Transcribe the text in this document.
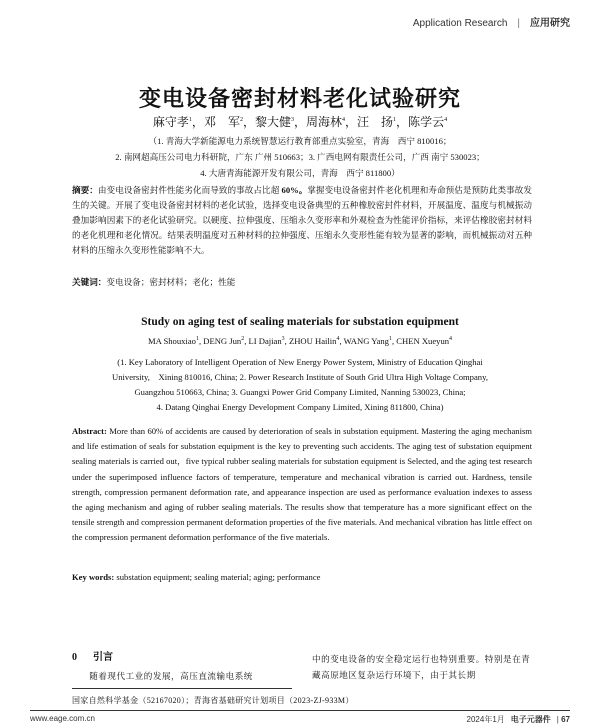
Application Research | 应用研究
变电设备密封材料老化试验研究
麻守孝$^1$，邓　军$^2$，黎大健$^3$，周海林$^4$，汪　扬$^1$，陈学云$^4$
（1. 青海大学新能源电力系统智慧运行教育部重点实验室，青海　西宁 810016；
2. 南网超高压公司电力科研院，广东 广州 510663；3. 广西电网有限责任公司，广西 南宁 530023；
4. 大唐青海能源开发有限公司，青海　西宁 811800）
摘要：由变电设备密封件性能劣化而导致的事故占比超 60%。掌握变电设备密封件老化机理和寿命预估是预防此类事故发生的关键。开展了变电设备密封材料的老化试验，选择变电设备典型的五种橡胶密封件材料，开展温度、温度与机械振动叠加影响因素下的老化试验研究。以硬度、拉伸强度、压缩永久变形率和外观检查为性能评价指标，来评估橡胶密封材料的老化机理和老化情况。结果表明温度对五种材料的拉伸强度、压缩永久变形性能有较为显著的影响，而机械振动对五种材料的压缩永久变形性能影响不大。
关键词：变电设备；密封材料；老化；性能
Study on aging test of sealing materials for substation equipment
MA Shouxiao$^1$, DENG Jun$^2$, LI Dajian$^3$, ZHOU Hailin$^4$, WANG Yang$^1$, CHEN Xueyun$^4$
(1. Key Laboratory of Intelligent Operation of New Energy Power System, Ministry of Education Qinghai
University,　Xining 810016, China; 2. Power Research Institute of South Grid Ultra High Voltage Company,
Guangzhou 510663, China; 3. Guangxi Power Grid Company Limited, Nanning 530023, China;
4. Datang Qinghai Energy Development Company Limited, Xining 811800, China)
Abstract: More than 60% of accidents are caused by deterioration of seals in substation equipment. Mastering the aging mechanism and life estimation of seals for substation equipment is the key to preventing such accidents. The aging test of substation equipment sealing materials is carried out，five typical rubber sealing materials for substation equipment is Selected, and the aging test research under the superimposed influence factors of temperature, temperature and mechanical vibration is carried out. Hardness, tensile strength, compression permanent deformation rate, and appearance inspection are used as performance evaluation indexes to assess the aging mechanism and aging of rubber sealing materials. The results show that temperature has a more significant effect on the tensile strength and compression permanent deformation properties of the five materials. And mechanical vibration has little effect on the compression permanent deformation performance of the five materials.
Key words: substation equipment; sealing material; aging; performance
0 引言
随着现代工业的发展，高压直流输电系统
中的变电设备的安全稳定运行也特别重要。特别是在青藏高原地区复杂运行环境下，由于其长期
国家自然科学基金（52167020）；青海省基础研究计划项目（2023-ZJ-933M）
www.eage.com.cn	2024年1月 电子元器件 | 67
